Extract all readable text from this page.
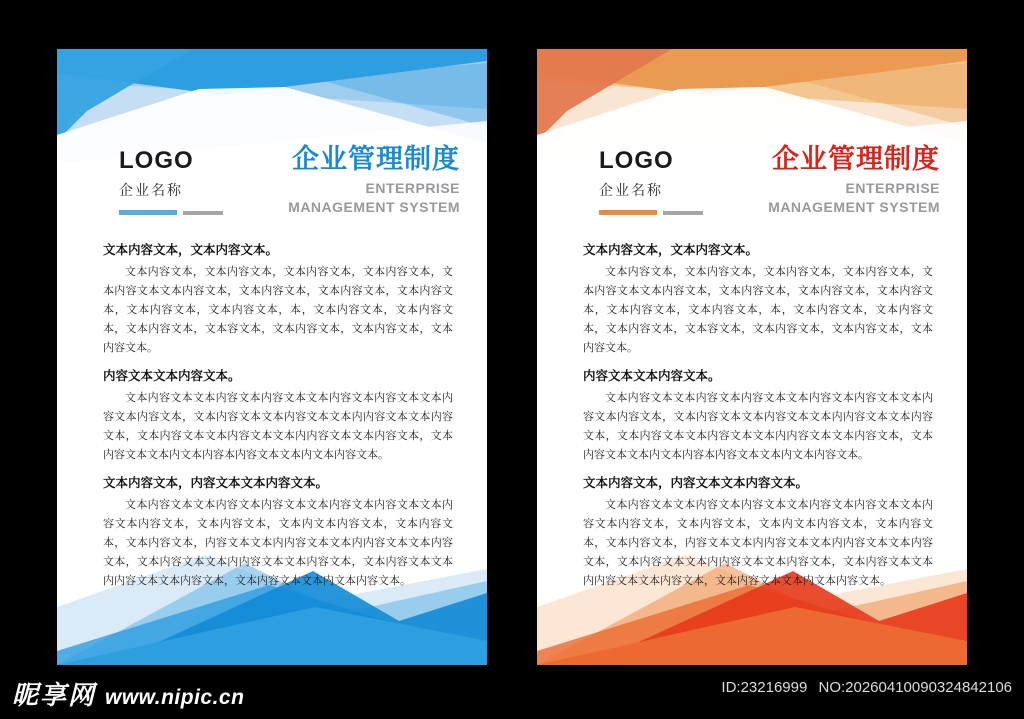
LOGO
企业名称
企业管理制度
ENTERPRISE
MANAGEMENT SYSTEM
文本内容文本，文本内容文本。
文本内容文本，文本内容文本，文本内容文本，文本内容文本，文本内容文本文本内容文本，文本内容文本，文本内容文本，文本内容文本，文本内容文本，文本内容文本，本，文本内容文本，文本内容文本，文本内容文本，文本容文本，文本内容文本，文本内容文本，文本内容文本。
内容文本文本内容文本。
文本内容文本文本内容文本内容文本文本内容文本内容文本文本内容文本内容文本，文本内容文本文本内容文本文本内内容文本文本内容文本，文本内容文本文本内容文本文本内内容文本文本内容文本，文本内容文本文本内文本内容本内容文本文本内文本内容文本。
文本内容文本，内容文本文本内容文本。
文本内容文本文本内容文本内容文本文本内容文本内容文本文本内容文本内容文本，文本内容文本，文本内文本内容文本，文本内容文本，文本内容文本，内容文本文本内内容文本文本内内容文本文本内容文本，文本内容文本文本内内容文本文本内容文本，文本内容文本文本内内容文本文本内容文本，文本内容文本文本内文本内容文本。
LOGO
企业名称
企业管理制度
ENTERPRISE
MANAGEMENT SYSTEM
文本内容文本，文本内容文本。
文本内容文本，文本内容文本，文本内容文本，文本内容文本，文本内容文本文本内容文本，文本内容文本，文本内容文本，文本内容文本，文本内容文本，文本内容文本，本，文本内容文本，文本内容文本，文本内容文本，文本容文本，文本内容文本，文本内容文本，文本内容文本。
内容文本文本内容文本。
文本内容文本文本内容文本内容文本文本内容文本内容文本文本内容文本内容文本，文本内容文本文本内容文本文本内内容文本文本内容文本，文本内容文本文本内容文本文本内内容文本文本内容文本，文本内容文本文本内文本内容本内容文本文本内文本内容文本。
文本内容文本，内容文本文本内容文本。
文本内容文本文本内容文本内容文本文本内容文本内容文本文本内容文本内容文本，文本内容文本，文本内文本内容文本，文本内容文本，文本内容文本，内容文本文本内内容文本文本内内容文本文本内容文本，文本内容文本文本内内容文本文本内容文本，文本内容文本文本内内容文本文本内容文本，文本内容文本文本内文本内容文本。
昵享网 www.nipic.cn	ID:23216999 NO:20260410090324842106
